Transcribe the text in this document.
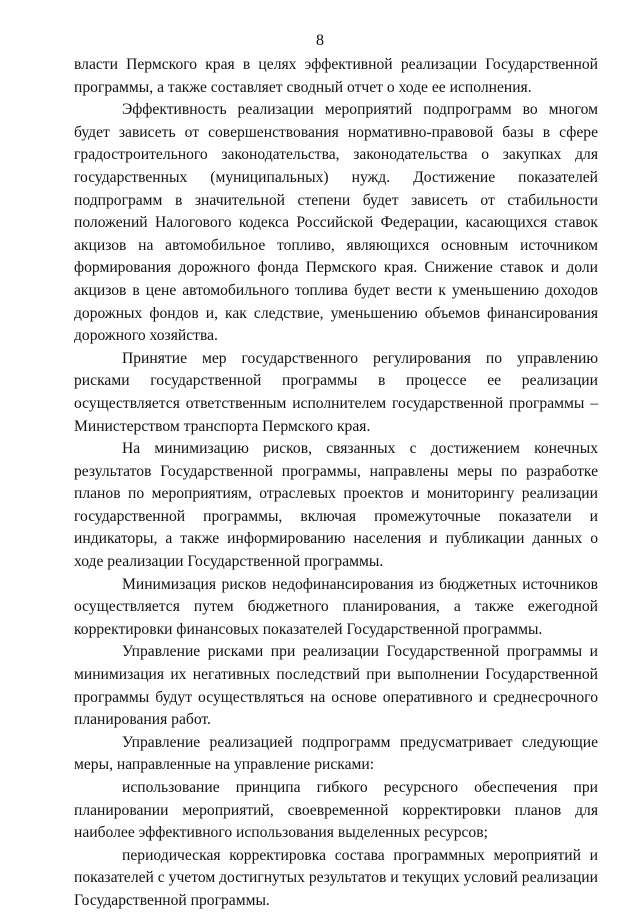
8

власти Пермского края в целях эффективной реализации Государственной программы, а также составляет сводный отчет о ходе ее исполнения.

Эффективность реализации мероприятий подпрограмм во многом будет зависеть от совершенствования нормативно-правовой базы в сфере градостроительного законодательства, законодательства о закупках для государственных (муниципальных) нужд. Достижение показателей подпрограмм в значительной степени будет зависеть от стабильности положений Налогового кодекса Российской Федерации, касающихся ставок акцизов на автомобильное топливо, являющихся основным источником формирования дорожного фонда Пермского края. Снижение ставок и доли акцизов в цене автомобильного топлива будет вести к уменьшению доходов дорожных фондов и, как следствие, уменьшению объемов финансирования дорожного хозяйства.

Принятие мер государственного регулирования по управлению рисками государственной программы в процессе ее реализации осуществляется ответственным исполнителем государственной программы – Министерством транспорта Пермского края.

На минимизацию рисков, связанных с достижением конечных результатов Государственной программы, направлены меры по разработке планов по мероприятиям, отраслевых проектов и мониторингу реализации государственной программы, включая промежуточные показатели и индикаторы, а также информированию населения и публикации данных о ходе реализации Государственной программы.

Минимизация рисков недофинансирования из бюджетных источников осуществляется путем бюджетного планирования, а также ежегодной корректировки финансовых показателей Государственной программы.

Управление рисками при реализации Государственной программы и минимизация их негативных последствий при выполнении Государственной программы будут осуществляться на основе оперативного и среднесрочного планирования работ.

Управление реализацией подпрограмм предусматривает следующие меры, направленные на управление рисками:

использование принципа гибкого ресурсного обеспечения при планировании мероприятий, своевременной корректировки планов для наиболее эффективного использования выделенных ресурсов;

периодическая корректировка состава программных мероприятий и показателей с учетом достигнутых результатов и текущих условий реализации Государственной программы.
